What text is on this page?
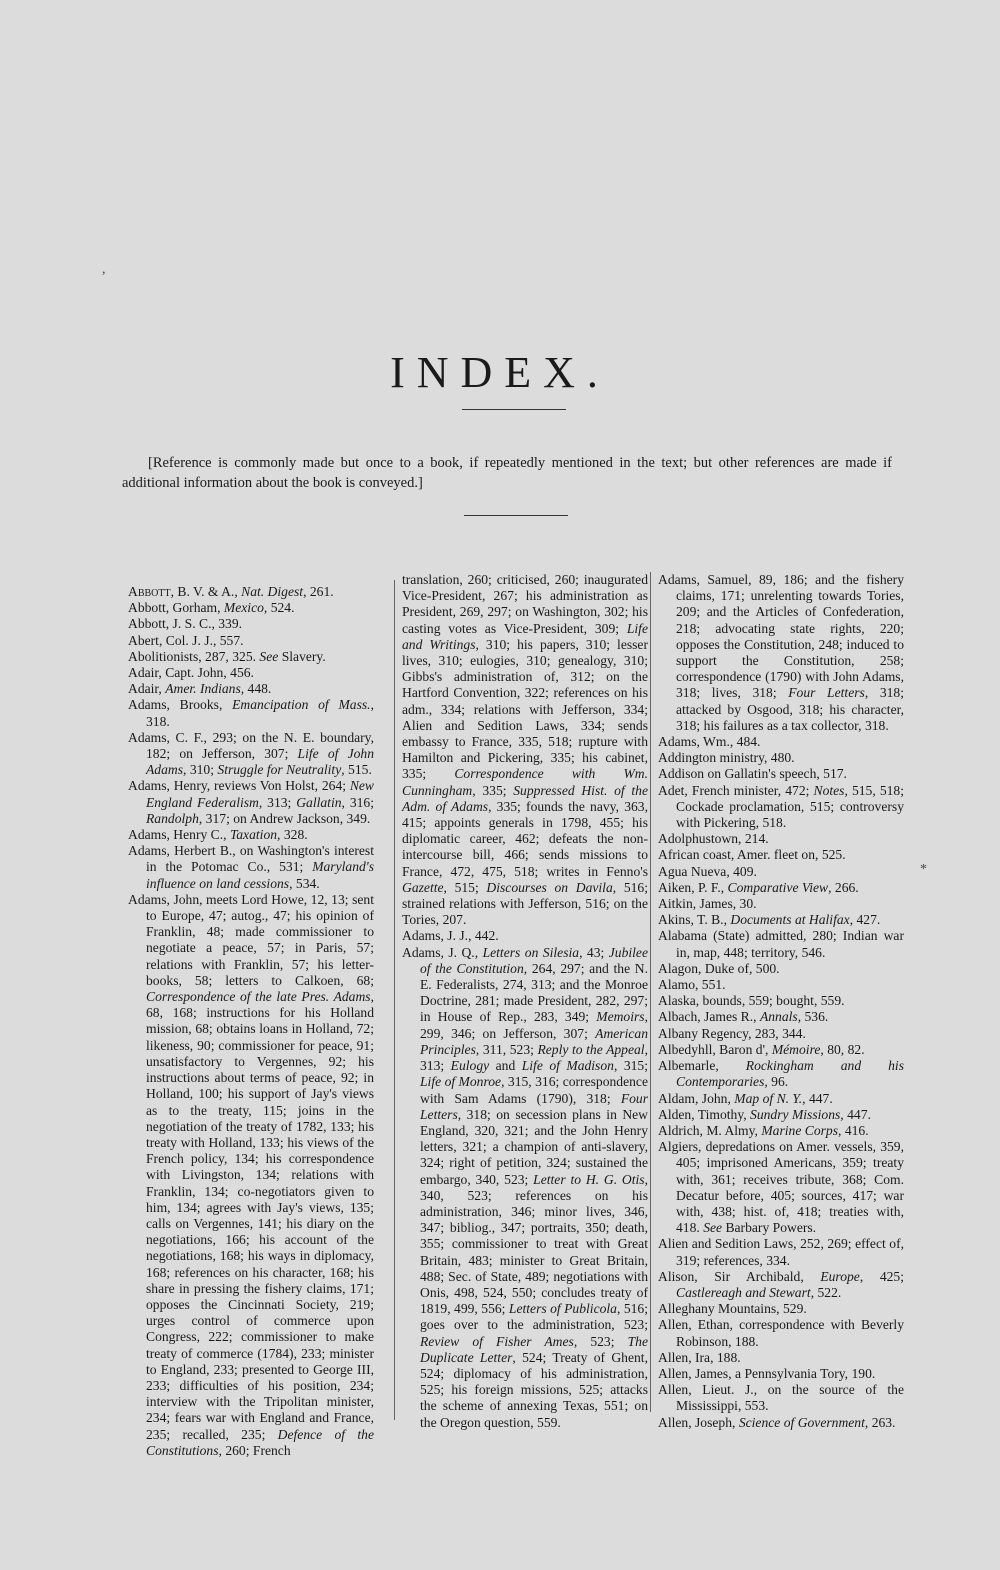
,
*
INDEX.

[Reference is commonly made but once to a book, if repeatedly mentioned in the text; but other references are made if additional information about the book is conveyed.]

Abbott, B. V. & A., Nat. Digest, 261.

Abbott, Gorham, Mexico, 524.

Abbott, J. S. C., 339.

Abert, Col. J. J., 557.

Abolitionists, 287, 325. See Slavery.

Adair, Capt. John, 456.

Adair, Amer. Indians, 448.

Adams, Brooks, Emancipation of Mass., 318.

Adams, C. F., 293; on the N. E. boundary, 182; on Jefferson, 307; Life of John Adams, 310; Struggle for Neutrality, 515.

Adams, Henry, reviews Von Holst, 264; New England Federalism, 313; Gallatin, 316; Randolph, 317; on Andrew Jackson, 349.

Adams, Henry C., Taxation, 328.

Adams, Herbert B., on Washington's interest in the Potomac Co., 531; Maryland's influence on land cessions, 534.

Adams, John, meets Lord Howe, 12, 13; sent to Europe, 47; autog., 47; his opinion of Franklin, 48; made commissioner to negotiate a peace, 57; in Paris, 57; relations with Franklin, 57; his letter-books, 58; letters to Calkoen, 68; Correspondence of the late Pres. Adams, 68, 168; instructions for his Holland mission, 68; obtains loans in Holland, 72; likeness, 90; commissioner for peace, 91; unsatisfactory to Vergennes, 92; his instructions about terms of peace, 92; in Holland, 100; his support of Jay's views as to the treaty, 115; joins in the negotiation of the treaty of 1782, 133; his treaty with Holland, 133; his views of the French policy, 134; his correspondence with Livingston, 134; relations with Franklin, 134; co-negotiators given to him, 134; agrees with Jay's views, 135; calls on Vergennes, 141; his diary on the negotiations, 166; his account of the negotiations, 168; his ways in diplomacy, 168; references on his character, 168; his share in pressing the fishery claims, 171; opposes the Cincinnati Society, 219; urges control of commerce upon Congress, 222; commissioner to make treaty of commerce (1784), 233; minister to England, 233; presented to George III, 233; difficulties of his position, 234; interview with the Tripolitan minister, 234; fears war with England and France, 235; recalled, 235; Defence of the Constitutions, 260; French

translation, 260; criticised, 260; inaugurated Vice-President, 267; his administration as President, 269, 297; on Washington, 302; his casting votes as Vice-President, 309; Life and Writings, 310; his papers, 310; lesser lives, 310; eulogies, 310; genealogy, 310; Gibbs's administration of, 312; on the Hartford Convention, 322; references on his adm., 334; relations with Jefferson, 334; Alien and Sedition Laws, 334; sends embassy to France, 335, 518; rupture with Hamilton and Pickering, 335; his cabinet, 335; Correspondence with Wm. Cunningham, 335; Suppressed Hist. of the Adm. of Adams, 335; founds the navy, 363, 415; appoints generals in 1798, 455; his diplomatic career, 462; defeats the non-intercourse bill, 466; sends missions to France, 472, 475, 518; writes in Fenno's Gazette, 515; Discourses on Davila, 516; strained relations with Jefferson, 516; on the Tories, 207.

Adams, J. J., 442.

Adams, J. Q., Letters on Silesia, 43; Jubilee of the Constitution, 264, 297; and the N. E. Federalists, 274, 313; and the Monroe Doctrine, 281; made President, 282, 297; in House of Rep., 283, 349; Memoirs, 299, 346; on Jefferson, 307; American Principles, 311, 523; Reply to the Appeal, 313; Eulogy and Life of Madison, 315; Life of Monroe, 315, 316; correspondence with Sam Adams (1790), 318; Four Letters, 318; on secession plans in New England, 320, 321; and the John Henry letters, 321; a champion of anti-slavery, 324; right of petition, 324; sustained the embargo, 340, 523; Letter to H. G. Otis, 340, 523; references on his administration, 346; minor lives, 346, 347; bibliog., 347; portraits, 350; death, 355; commissioner to treat with Great Britain, 483; minister to Great Britain, 488; Sec. of State, 489; negotiations with Onis, 498, 524, 550; concludes treaty of 1819, 499, 556; Letters of Publicola, 516; goes over to the administration, 523; Review of Fisher Ames, 523; The Duplicate Letter, 524; Treaty of Ghent, 524; diplomacy of his administration, 525; his foreign missions, 525; attacks the scheme of annexing Texas, 551; on the Oregon question, 559.

Adams, Samuel, 89, 186; and the fishery claims, 171; unrelenting towards Tories, 209; and the Articles of Confederation, 218; advocating state rights, 220; opposes the Constitution, 248; induced to support the Constitution, 258; correspondence (1790) with John Adams, 318; lives, 318; Four Letters, 318; attacked by Osgood, 318; his character, 318; his failures as a tax collector, 318.

Adams, Wm., 484.

Addington ministry, 480.

Addison on Gallatin's speech, 517.

Adet, French minister, 472; Notes, 515, 518; Cockade proclamation, 515; controversy with Pickering, 518.

Adolphustown, 214.

African coast, Amer. fleet on, 525.

Agua Nueva, 409.

Aiken, P. F., Comparative View, 266.

Aitkin, James, 30.

Akins, T. B., Documents at Halifax, 427.

Alabama (State) admitted, 280; Indian war in, map, 448; territory, 546.

Alagon, Duke of, 500.

Alamo, 551.

Alaska, bounds, 559; bought, 559.

Albach, James R., Annals, 536.

Albany Regency, 283, 344.

Albedyhll, Baron d', Mémoire, 80, 82.

Albemarle, Rockingham and his Contemporaries, 96.

Aldam, John, Map of N. Y., 447.

Alden, Timothy, Sundry Missions, 447.

Aldrich, M. Almy, Marine Corps, 416.

Algiers, depredations on Amer. vessels, 359, 405; imprisoned Americans, 359; treaty with, 361; receives tribute, 368; Com. Decatur before, 405; sources, 417; war with, 438; hist. of, 418; treaties with, 418. See Barbary Powers.

Alien and Sedition Laws, 252, 269; effect of, 319; references, 334.

Alison, Sir Archibald, Europe, 425; Castlereagh and Stewart, 522.

Alleghany Mountains, 529.

Allen, Ethan, correspondence with Beverly Robinson, 188.

Allen, Ira, 188.

Allen, James, a Pennsylvania Tory, 190.

Allen, Lieut. J., on the source of the Mississippi, 553.

Allen, Joseph, Science of Government, 263.
